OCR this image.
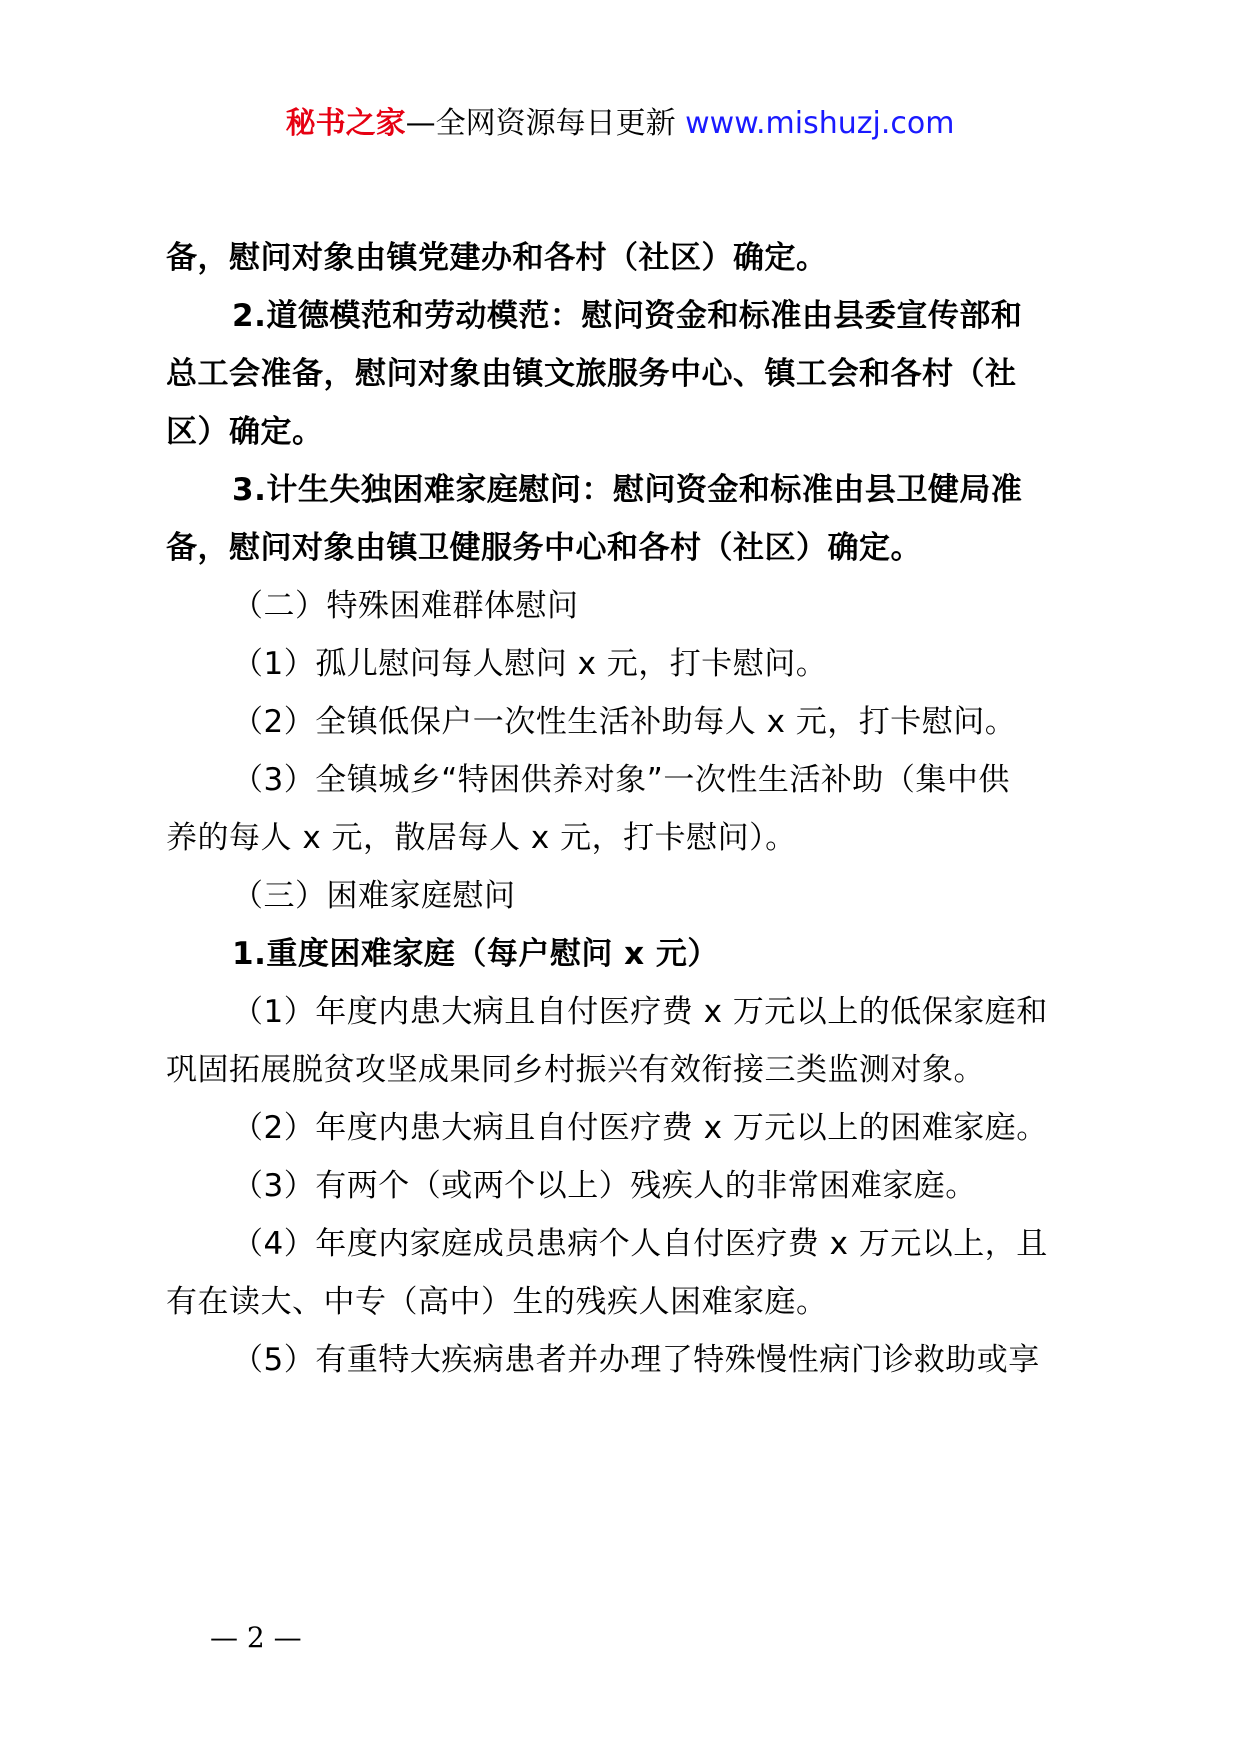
秘书之家—全网资源每日更新 www.mishuzj.com
备，慰问对象由镇党建办和各村（社区）确定。
2.道德模范和劳动模范：慰问资金和标准由县委宣传部和
总工会准备，慰问对象由镇文旅服务中心、镇工会和各村（社
区）确定。
3.计生失独困难家庭慰问：慰问资金和标准由县卫健局准
备，慰问对象由镇卫健服务中心和各村（社区）确定。
（二）特殊困难群体慰问
（1）孤儿慰问每人慰问 x 元，打卡慰问。
（2）全镇低保户一次性生活补助每人 x 元，打卡慰问。
（3）全镇城乡“特困供养对象”一次性生活补助（集中供
养的每人 x 元，散居每人 x 元，打卡慰问）。
（三）困难家庭慰问
1.重度困难家庭（每户慰问 x 元）
（1）年度内患大病且自付医疗费 x 万元以上的低保家庭和
巩固拓展脱贫攻坚成果同乡村振兴有效衔接三类监测对象。
（2）年度内患大病且自付医疗费 x 万元以上的困难家庭。
（3）有两个（或两个以上）残疾人的非常困难家庭。
（4）年度内家庭成员患病个人自付医疗费 x 万元以上，且
有在读大、中专（高中）生的残疾人困难家庭。
（5）有重特大疾病患者并办理了特殊慢性病门诊救助或享
— 2 —
